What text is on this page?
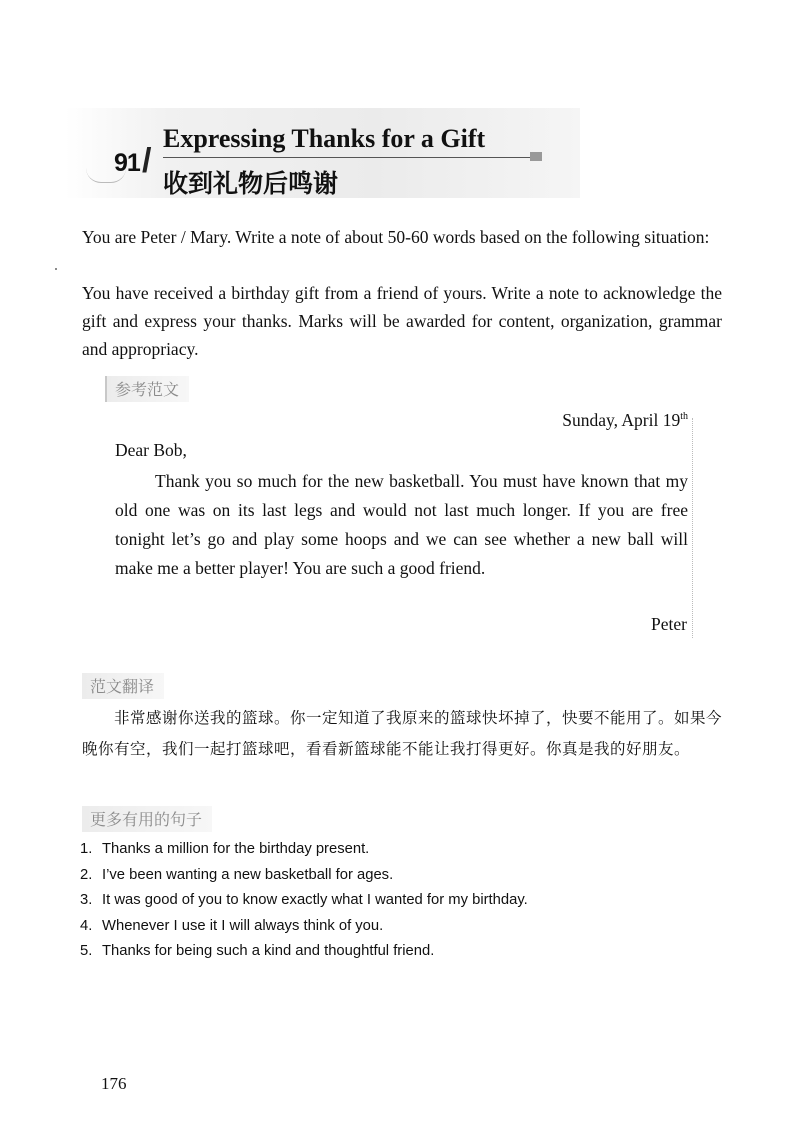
91 /
Expressing Thanks for a Gift
收到礼物后鸣谢
You are Peter / Mary. Write a note of about 50-60 words based on the following situation:
You have received a birthday gift from a friend of yours. Write a note to acknowledge the gift and express your thanks. Marks will be awarded for content, organization, grammar and appropriacy.
参考范文
Sunday, April 19th
Dear Bob,
Thank you so much for the new basketball. You must have known that my old one was on its last legs and would not last much longer. If you are free tonight let’s go and play some hoops and we can see whether a new ball will make me a better player! You are such a good friend.
Peter
范文翻译
非常感谢你送我的篮球。你一定知道了我原来的篮球快坏掉了，快要不能用了。如果今晚你有空，我们一起打篮球吧，看看新篮球能不能让我打得更好。你真是我的好朋友。
更多有用的句子
1. Thanks a million for the birthday present.
2. I’ve been wanting a new basketball for ages.
3. It was good of you to know exactly what I wanted for my birthday.
4. Whenever I use it I will always think of you.
5. Thanks for being such a kind and thoughtful friend.
176
